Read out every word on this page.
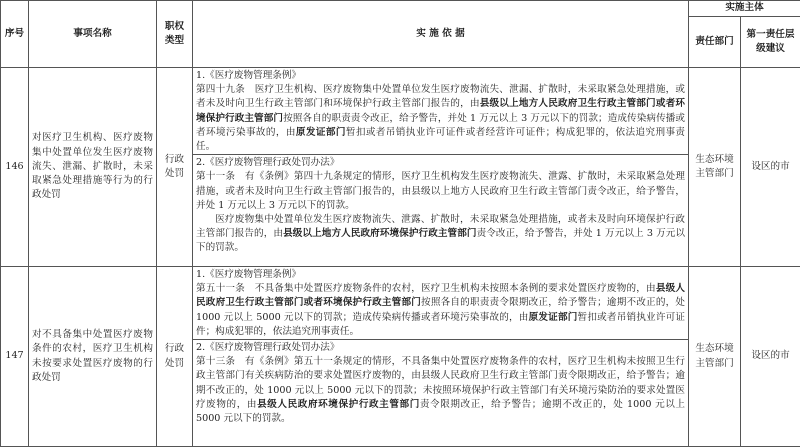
序号	事项名称	职权类型	实 施 依 据	实施主体	
				责任部门	第一责任层级建议
146	对医疗卫生机构、医疗废物集中处置单位发生医疗废物流失、泄漏、扩散时，未采取紧急处理措施等行为的行政处罚	行政处罚	1.《医疗废物管理条例》
第四十九条　医疗卫生机构、医疗废物集中处置单位发生医疗废物流失、泄漏、扩散时，未采取紧急处理措施，或者未及时向卫生行政主管部门和环境保护行政主管部门报告的，由县级以上地方人民政府卫生行政主管部门或者环境保护行政主管部门按照各自的职责责令改正，给予警告，并处 1 万元以上 3 万元以下的罚款；造成传染病传播或者环境污染事故的，由原发证部门暂扣或者吊销执业许可证件或者经营许可证件；构成犯罪的，依法追究刑事责任。
2.《医疗废物管理行政处罚办法》
第十一条　有《条例》第四十九条规定的情形，医疗卫生机构发生医疗废物流失、泄露、扩散时，未采取紧急处理措施，或者未及时向卫生行政主管部门报告的，由县级以上地方人民政府卫生行政主管部门责令改正，给予警告，并处 1 万元以上 3 万元以下的罚款。
医疗废物集中处置单位发生医疗废物流失、泄露、扩散时，未采取紧急处理措施，或者未及时向环境保护行政主管部门报告的，由县级以上地方人民政府环境保护行政主管部门责令改正，给予警告，并处 1 万元以上 3 万元以下的罚款。	生态环境主管部门	设区的市
147	对不具备集中处置医疗废物条件的农村，医疗卫生机构未按要求处置医疗废物的行政处罚	行政处罚	1.《医疗废物管理条例》
第五十一条　不具备集中处置医疗废物条件的农村，医疗卫生机构未按照本条例的要求处置医疗废物的，由县级人民政府卫生行政主管部门或者环境保护行政主管部门按照各自的职责责令限期改正，给予警告；逾期不改正的，处 1000 元以上 5000 元以下的罚款；造成传染病传播或者环境污染事故的，由原发证部门暂扣或者吊销执业许可证件；构成犯罪的，依法追究刑事责任。
2.《医疗废物管理行政处罚办法》
第十三条　有《条例》第五十一条规定的情形，不具备集中处置医疗废物条件的农村，医疗卫生机构未按照卫生行政主管部门有关疾病防治的要求处置医疗废物的，由县级人民政府卫生行政主管部门责令限期改正，给予警告；逾期不改正的，处 1000 元以上 5000 元以下的罚款；未按照环境保护行政主管部门有关环境污染防治的要求处置医疗废物的，由县级人民政府环境保护行政主管部门责令限期改正，给予警告；逾期不改正的，处 1000 元以上 5000 元以下的罚款。	生态环境主管部门	设区的市
